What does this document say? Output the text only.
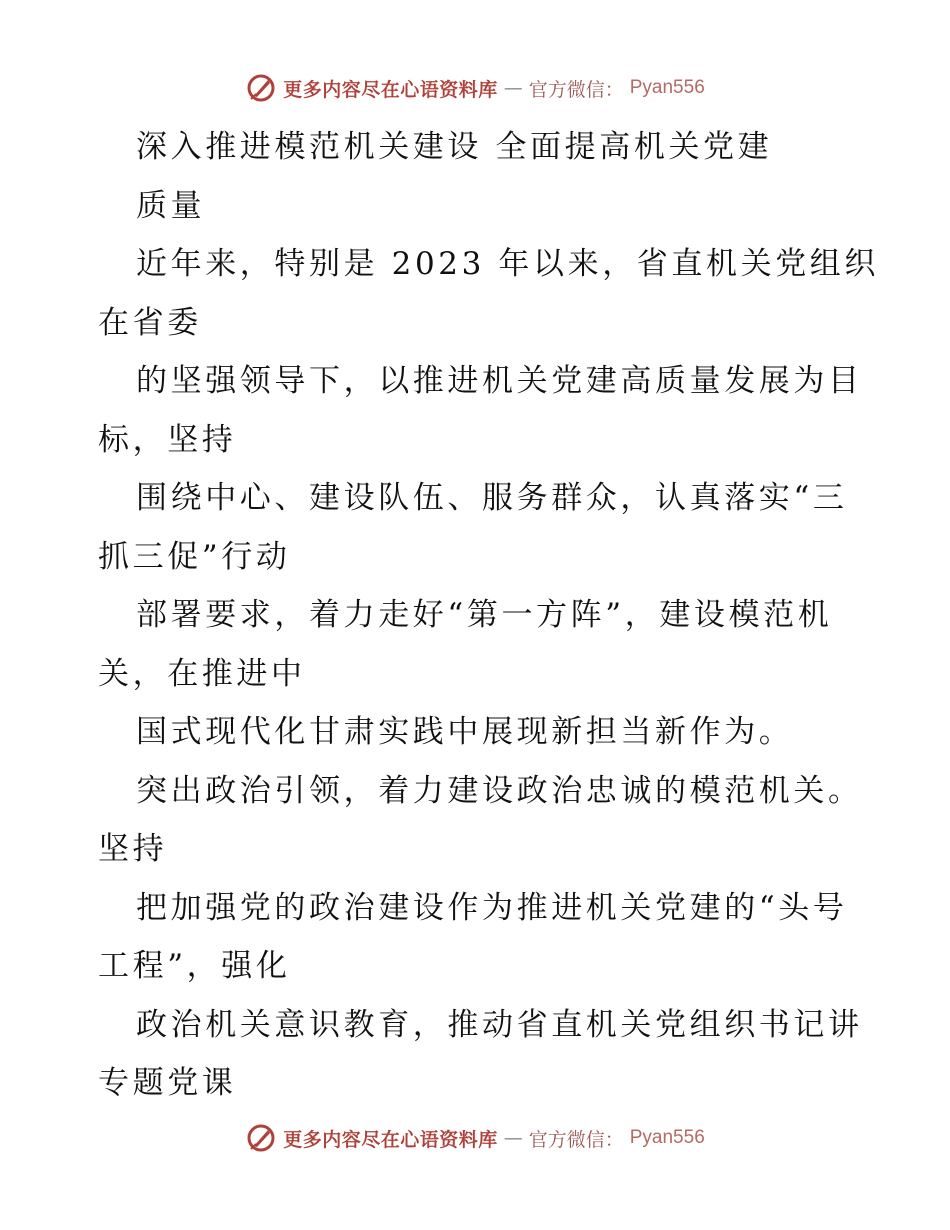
更多内容尽在心语资料库 — 官方微信： Pyan556
深入推进模范机关建设 全面提高机关党建
质量
近年来，特别是 2023 年以来，省直机关党组织
在省委
的坚强领导下，以推进机关党建高质量发展为目
标，坚持
围绕中心、建设队伍、服务群众，认真落实“三
抓三促”行动
部署要求，着力走好“第一方阵”，建设模范机
关，在推进中
国式现代化甘肃实践中展现新担当新作为。
突出政治引领，着力建设政治忠诚的模范机关。
坚持
把加强党的政治建设作为推进机关党建的“头号
工程”，强化
政治机关意识教育，推动省直机关党组织书记讲
专题党课
更多内容尽在心语资料库 — 官方微信： Pyan556
